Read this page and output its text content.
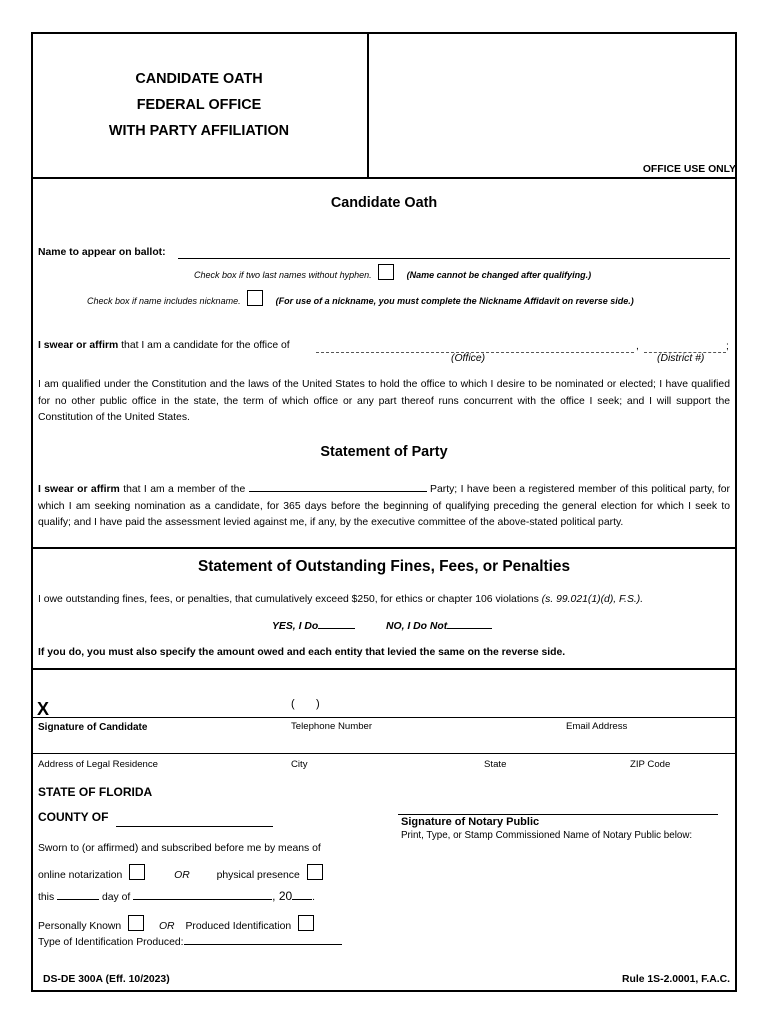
CANDIDATE OATH
FEDERAL OFFICE
WITH PARTY AFFILIATION
OFFICE USE ONLY
Candidate Oath
Name to appear on ballot:
Check box if two last names without hyphen.	(Name cannot be changed after qualifying.)
Check box if name includes nickname.	(For use of a nickname, you must complete the Nickname Affidavit on reverse side.)
I swear or affirm that I am a candidate for the office of	,	;
(Office)	(District #)
I am qualified under the Constitution and the laws of the United States to hold the office to which I desire to be nominated or elected; I have qualified for no other public office in the state, the term of which office or any part thereof runs concurrent with the office I seek; and I will support the Constitution of the United States.
Statement of Party
I swear or affirm that I am a member of the	Party; I have been a registered member of this political party, for which I am seeking nomination as a candidate, for 365 days before the beginning of qualifying preceding the general election for which I seek to qualify; and I have paid the assessment levied against me, if any, by the executive committee of the above-stated political party.
Statement of Outstanding Fines, Fees, or Penalties
I owe outstanding fines, fees, or penalties, that cumulatively exceed $250, for ethics or chapter 106 violations (s. 99.021(1)(d), F.S.).
YES, I Do	NO, I Do Not
If you do, you must also specify the amount owed and each entity that levied the same on the reverse side.
X	(       )
Signature of Candidate	Telephone Number	Email Address
Address of Legal Residence	City	State	ZIP Code
STATE OF FLORIDA
COUNTY OF	Signature of Notary Public
Print, Type, or Stamp Commissioned Name of Notary Public below:
Sworn to (or affirmed) and subscribed before me by means of
online notarization	OR	physical presence
this	day of	, 20 .
Personally Known	OR Produced Identification
Type of Identification Produced:
DS-DE 300A (Eff. 10/2023)	Rule 1S-2.0001, F.A.C.
